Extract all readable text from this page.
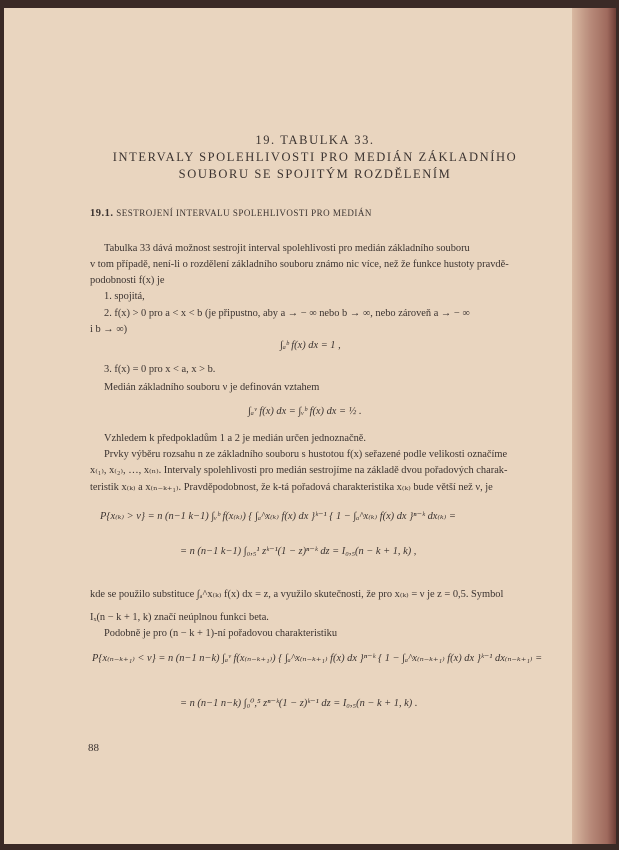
19. TABULKA 33.
INTERVALY SPOLEHLIVOSTI PRO MEDIÁN ZÁKLADNÍHO
SOUBORU SE SPOJITÝM ROZDĚLENÍM
19.1. SESTROJENÍ INTERVALU SPOLEHLIVOSTI PRO MEDIÁN
Tabulka 33 dává možnost sestrojit interval spolehlivosti pro medián základního souboru
v tom případě, není-li o rozdělení základního souboru známo nic více, než že funkce hustoty pravdě-
podobnosti f(x) je
1. spojitá,
2. f(x) > 0 pro a < x < b (je připustno, aby a → − ∞ nebo b → ∞, nebo zároveň a → − ∞
i b → ∞)
∫ₐᵇ f(x) dx = 1 ,
3. f(x) = 0 pro x < a, x > b.
Medián základního souboru ν je definován vztahem
∫ₐᵛ f(x) dx = ∫ᵥᵇ f(x) dx = ½ .
Vzhledem k předpokladům 1 a 2 je medián určen jednoznačně.
Prvky výběru rozsahu n ze základního souboru s hustotou f(x) seřazené podle velikosti označíme
x₍₁₎, x₍₂₎, …, x₍ₙ₎. Intervaly spolehlivosti pro medián sestrojíme na základě dvou pořadových charak-
teristik x₍ₖ₎ a x₍ₙ₋ₖ₊₁₎. Pravděpodobnost, že k-tá pořadová charakteristika x₍ₖ₎ bude větší než ν, je
P{x₍ₖ₎ > ν} = n (n−1 k−1) ∫ᵥᵇ f(x₍ₖ₎) { ∫ₐ^x₍ₖ₎ f(x) dx }ᵏ⁻¹ { 1 − ∫ₐ^x₍ₖ₎ f(x) dx }ⁿ⁻ᵏ dx₍ₖ₎ =
= n (n−1 k−1) ∫₀,₅¹ zᵏ⁻¹(1 − z)ⁿ⁻ᵏ dz = I₀,₅(n − k + 1, k) ,
kde se použilo substituce ∫ₐ^x₍ₖ₎ f(x) dx = z, a využilo skutečnosti, že pro x₍ₖ₎ = ν je z = 0,5. Symbol
Iₓ(n − k + 1, k) značí neúplnou funkci beta.
Podobně je pro (n − k + 1)-ní pořadovou charakteristiku
P{x₍ₙ₋ₖ₊₁₎ < ν} = n (n−1 n−k) ∫ₐᵛ f(x₍ₙ₋ₖ₊₁₎) { ∫ₐ^x₍ₙ₋ₖ₊₁₎ f(x) dx }ⁿ⁻ᵏ { 1 − ∫ₐ^x₍ₙ₋ₖ₊₁₎ f(x) dx }ᵏ⁻¹ dx₍ₙ₋ₖ₊₁₎ =
= n (n−1 n−k) ∫₀⁰,⁵ zⁿ⁻ᵏ(1 − z)ᵏ⁻¹ dz = I₀,₅(n − k + 1, k) .
88
